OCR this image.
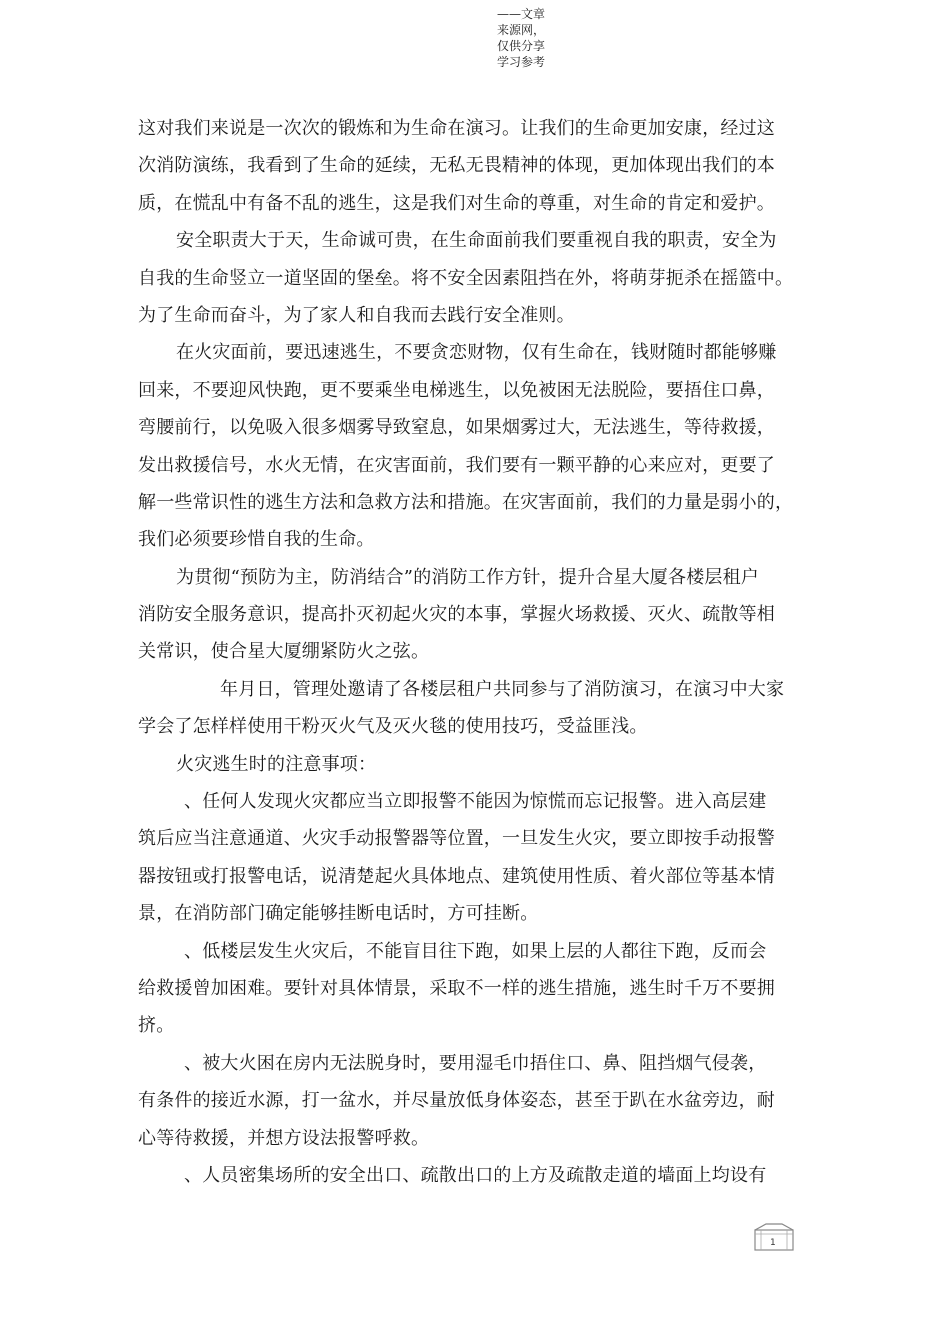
——文章来源网，仅供分享学习参考
这对我们来说是一次次的锻炼和为生命在演习。让我们的生命更加安康，经过这
次消防演练，我看到了生命的延续，无私无畏精神的体现，更加体现出我们的本
质，在慌乱中有备不乱的逃生，这是我们对生命的尊重，对生命的肯定和爱护。
安全职责大于天，生命诚可贵，在生命面前我们要重视自我的职责，安全为
自我的生命竖立一道坚固的堡垒。将不安全因素阻挡在外，将萌芽扼杀在摇篮中。
为了生命而奋斗，为了家人和自我而去践行安全准则。
在火灾面前，要迅速逃生，不要贪恋财物，仅有生命在，钱财随时都能够赚
回来，不要迎风快跑，更不要乘坐电梯逃生，以免被困无法脱险，要捂住口鼻，
弯腰前行，以免吸入很多烟雾导致窒息，如果烟雾过大，无法逃生，等待救援，
发出救援信号，水火无情，在灾害面前，我们要有一颗平静的心来应对，更要了
解一些常识性的逃生方法和急救方法和措施。在灾害面前，我们的力量是弱小的，
我们必须要珍惜自我的生命。
为贯彻“预防为主，防消结合”的消防工作方针，提升合星大厦各楼层租户
消防安全服务意识，提高扑灭初起火灾的本事，掌握火场救援、灭火、疏散等相
关常识，使合星大厦绷紧防火之弦。
年月日，管理处邀请了各楼层租户共同参与了消防演习，在演习中大家
学会了怎样样使用干粉灭火气及灭火毯的使用技巧，受益匪浅。
火灾逃生时的注意事项：
、任何人发现火灾都应当立即报警不能因为惊慌而忘记报警。进入高层建
筑后应当注意通道、火灾手动报警器等位置，一旦发生火灾，要立即按手动报警
器按钮或打报警电话，说清楚起火具体地点、建筑使用性质、着火部位等基本情
景，在消防部门确定能够挂断电话时，方可挂断。
、低楼层发生火灾后，不能盲目往下跑，如果上层的人都往下跑，反而会
给救援曾加困难。要针对具体情景，采取不一样的逃生措施，逃生时千万不要拥
挤。
、被大火困在房内无法脱身时，要用湿毛巾捂住口、鼻、阻挡烟气侵袭，
有条件的接近水源，打一盆水，并尽量放低身体姿态，甚至于趴在水盆旁边，耐
心等待救援，并想方设法报警呼救。
、人员密集场所的安全出口、疏散出口的上方及疏散走道的墙面上均设有
1
